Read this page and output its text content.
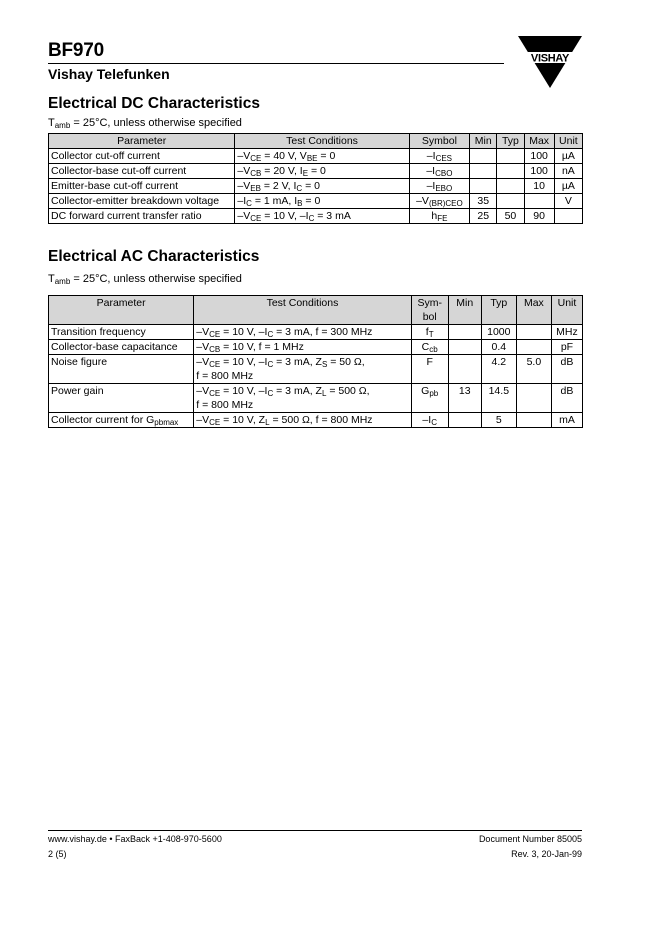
BF970
Vishay Telefunken
VISHAY
Electrical DC Characteristics
$T_{amb} = 25^\circ C$, unless otherwise specified
Parameter	Test Conditions	Symbol	Min	Typ	Max	Unit
Collector cut-off current	$-V_{CE} = 40$ V, $V_{BE} = 0$	$-I_{CES}$			100	µA
Collector-base cut-off current	$-V_{CB} = 20$ V, $I_E = 0$	$-I_{CBO}$			100	nA
Emitter-base cut-off current	$-V_{EB} = 2$ V, $I_C = 0$	$-I_{EBO}$			10	µA
Collector-emitter breakdown voltage	$-I_C = 1$ mA, $I_B = 0$	$-V_{(BR)CEO}$	35			V
DC forward current transfer ratio	$-V_{CE} = 10$ V, $-I_C = 3$ mA	$h_{FE}$	25	50	90	
Electrical AC Characteristics
$T_{amb} = 25^\circ C$, unless otherwise specified
Parameter	Test Conditions	Sym-
bol	Min	Typ	Max	Unit
Transition frequency	$-V_{CE} = 10$ V, $-I_C = 3$ mA, f = 300 MHz	$f_T$		1000		MHz
Collector-base capacitance	$-V_{CB} = 10$ V, f = 1 MHz	$C_{cb}$		0.4		pF
Noise figure	$-V_{CE} = 10$ V, $-I_C = 3$ mA, $Z_S = 50$ Ω,
f = 800 MHz	F		4.2	5.0	dB
Power gain	$-V_{CE} = 10$ V, $-I_C = 3$ mA, $Z_L = 500$ Ω,
f = 800 MHz	$G_{pb}$	13	14.5		dB
Collector current for $G_{pbmax}$	$-V_{CE} = 10$ V, $Z_L = 500$ Ω, f = 800 MHz	$-I_C$		5		mA
www.vishay.de • FaxBack +1-408-970-5600
2 (5)
Document Number 85005
Rev. 3, 20-Jan-99
